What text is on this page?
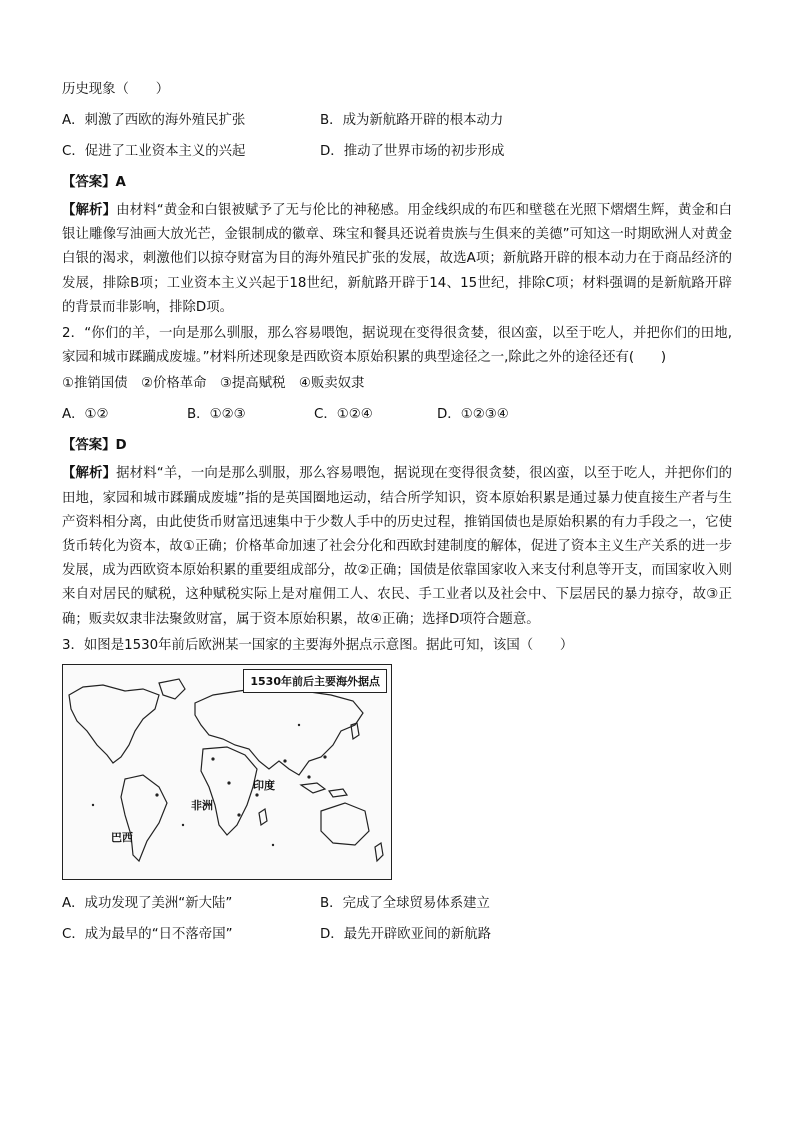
历史现象（　　）

A．刺激了西欧的海外殖民扩张	B．成为新航路开辟的根本动力
C．促进了工业资本主义的兴起	D．推动了世界市场的初步形成

【答案】A

【解析】由材料“黄金和白银被赋予了无与伦比的神秘感。用金线织成的布匹和壁毯在光照下熠熠生辉，黄金和白银让雕像写油画大放光芒，金银制成的徽章、珠宝和餐具还说着贵族与生俱来的美德”可知这一时期欧洲人对黄金白银的渴求，刺激他们以掠夺财富为目的海外殖民扩张的发展，故选A项；新航路开辟的根本动力在于商品经济的发展，排除B项；工业资本主义兴起于18世纪，新航路开辟于14、15世纪，排除C项；材料强调的是新航路开辟的背景而非影响，排除D项。

2．“你们的羊，一向是那么驯服，那么容易喂饱，据说现在变得很贪婪，很凶蛮，以至于吃人，并把你们的田地,家园和城市蹂躏成废墟。”材料所述现象是西欧资本原始积累的典型途径之一,除此之外的途径还有(　　)

①推销国债　②价格革命　③提高赋税　④贩卖奴隶

A．①②	B．①②③	C．①②④	D．①②③④

【答案】D

【解析】据材料“羊，一向是那么驯服，那么容易喂饱，据说现在变得很贪婪，很凶蛮，以至于吃人，并把你们的田地，家园和城市蹂躏成废墟”指的是英国圈地运动，结合所学知识，资本原始积累是通过暴力使直接生产者与生产资料相分离，由此使货币财富迅速集中于少数人手中的历史过程，推销国债也是原始积累的有力手段之一，它使货币转化为资本，故①正确；价格革命加速了社会分化和西欧封建制度的解体，促进了资本主义生产关系的进一步发展，成为西欧资本原始积累的重要组成部分，故②正确；国债是依靠国家收入来支付利息等开支，而国家收入则来自对居民的赋税，这种赋税实际上是对雇佣工人、农民、手工业者以及社会中、下层居民的暴力掠夺，故③正确；贩卖奴隶非法聚敛财富，属于资本原始积累，故④正确；选择D项符合题意。

3．如图是1530年前后欧洲某一国家的主要海外据点示意图。据此可知，该国（　　）

1530年前后主要海外据点
印度
非洲
巴西
A．成功发现了美洲“新大陆”	B．完成了全球贸易体系建立
C．成为最早的“日不落帝国”	D．最先开辟欧亚间的新航路
